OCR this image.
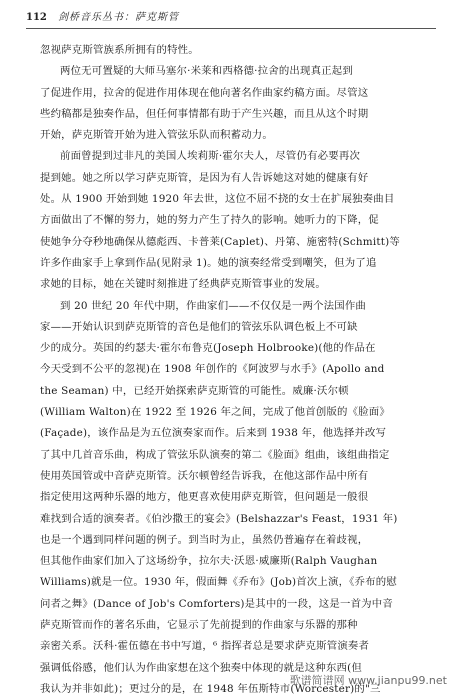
112 剑桥音乐丛书：萨克斯管
忽视萨克斯管族系所拥有的特性。
两位无可置疑的大师马塞尔·米莱和西格德·拉舍的出现真正起到
了促进作用，拉舍的促进作用体现在他向著名作曲家约稿方面。尽管这
些约稿都是独奏作品，但任何事情都有助于产生兴趣，而且从这个时期
开始，萨克斯管开始为进入管弦乐队而积蓄动力。
前面曾提到过非凡的美国人埃莉斯·霍尔夫人，尽管仍有必要再次
提到她。她之所以学习萨克斯管，是因为有人告诉她这对她的健康有好
处。从 1900 开始到她 1920 年去世，这位不屈不挠的女士在扩展独奏曲目
方面做出了不懈的努力，她的努力产生了持久的影响。她听力的下降，促
使她争分夺秒地确保从德彪西、卡普莱(Caplet)、丹第、施密特(Schmitt)等
许多作曲家手上拿到作品(见附录 1)。她的演奏经常受到嘲笑，但为了追
求她的目标，她在关键时刻推进了经典萨克斯管事业的发展。
到 20 世纪 20 年代中期，作曲家们——不仅仅是一两个法国作曲
家——开始认识到萨克斯管的音色是他们的管弦乐队调色板上不可缺
少的成分。英国的约瑟夫·霍尔布鲁克(Joseph Holbrooke)(他的作品在
今天受到不公平的忽视)在 1908 年创作的《阿波罗与水手》(Apollo and
the Seaman) 中，已经开始探索萨克斯管的可能性。威廉·沃尔顿
(William Walton)在 1922 至 1926 年之间，完成了他首创版的《脸面》
(Façade)，该作品是为五位演奏家而作。后来到 1938 年，他选择并改写
了其中几首音乐曲，构成了管弦乐队演奏的第二《脸面》组曲，该组曲指定
使用英国管或中音萨克斯管。沃尔顿曾经告诉我，在他这部作品中所有
指定使用这两种乐器的地方，他更喜欢使用萨克斯管，但问题是一般很
难找到合适的演奏者。《伯沙撒王的宴会》(Belshazzar's Feast，1931 年)
也是一个遇到同样问题的例子。到当时为止，虽然仍普遍存在着歧视，
但其他作曲家们加入了这场纷争，拉尔夫·沃恩·威廉斯(Ralph Vaughan
Williams)就是一位。1930 年，假面舞《乔布》(Job)首次上演，《乔布的慰
问者之舞》(Dance of Job's Comforters)是其中的一段，这是一首为中音
萨克斯管而作的著名乐曲，它显示了先前提到的作曲家与乐器的那种
亲密关系。沃科·霍伍德在书中写道，⁶ 指挥者总是要求萨克斯管演奏者
强调低俗感，他们认为作曲家想在这个独奏中体现的就是这种东西(但
我认为并非如此)；更过分的是，在 1948 年伍斯特市(Worcester)的"三
歌谱简谱网 www.jianpu99.net
